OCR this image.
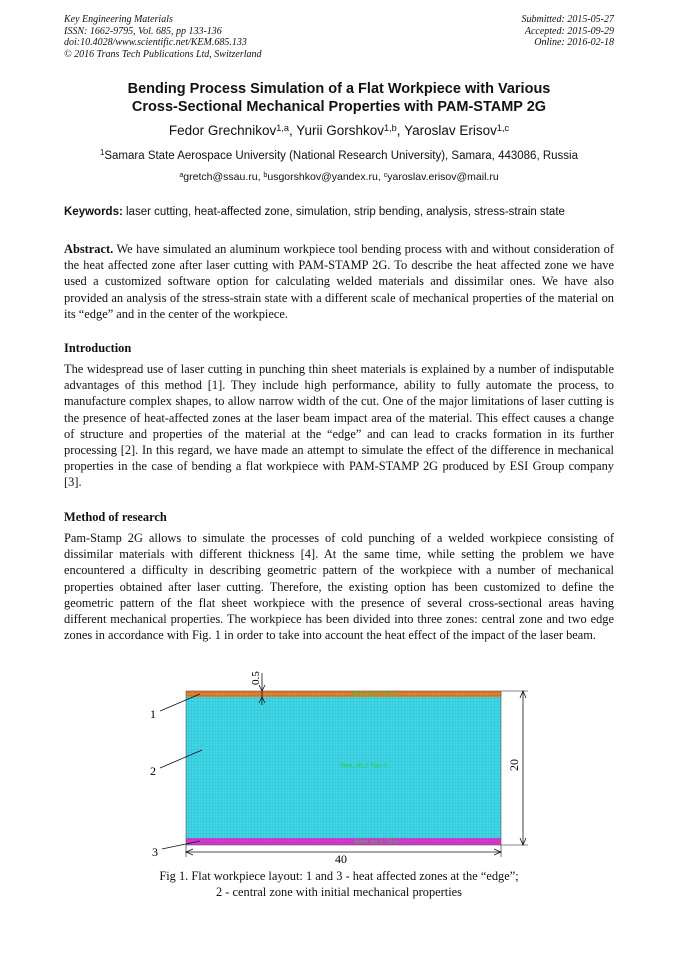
Key Engineering Materials
ISSN: 1662-9795, Vol. 685, pp 133-136
doi:10.4028/www.scientific.net/KEM.685.133
© 2016 Trans Tech Publications Ltd, Switzerland
Submitted: 2015-05-27
Accepted: 2015-09-29
Online: 2016-02-18
Bending Process Simulation of a Flat Workpiece with Various
Cross-Sectional Mechanical Properties with PAM-STAMP 2G
Fedor Grechnikov$^{1,a}$, Yurii Gorshkov$^{1,b}$, Yaroslav Erisov$^{1,c}$
$^1$Samara State Aerospace University (National Research University), Samara, 443086, Russia
$^a$gretch@ssau.ru, $^b$usgorshkov@yandex.ru, $^c$yaroslav.erisov@mail.ru
Keywords: laser cutting, heat-affected zone, simulation, strip bending, analysis, stress-strain state
Abstract. We have simulated an aluminum workpiece tool bending process with and without consideration of the heat affected zone after laser cutting with PAM-STAMP 2G. To describe the heat affected zone we have used a customized software option for calculating welded materials and dissimilar ones. We have also provided an analysis of the stress-strain state with a different scale of mechanical properties of the material on its “edge” and in the center of the workpiece.
Introduction
The widespread use of laser cutting in punching thin sheet materials is explained by a number of indisputable advantages of this method [1]. They include high performance, ability to fully automate the process, to manufacture complex shapes, to allow narrow width of the cut. One of the major limitations of laser cutting is the presence of heat-affected zones at the laser beam impact area of the material. This effect causes a change of structure and properties of the material at the “edge” and can lead to cracks formation in its further processing [2]. In this regard, we have made an attempt to simulate the effect of the difference in mechanical properties in the case of bending a flat workpiece with PAM-STAMP 2G produced by ESI Group company [3].
Method of research
Pam-Stamp 2G allows to simulate the processes of cold punching of a welded workpiece consisting of dissimilar materials with different thickness [4]. At the same time, while setting the problem we have encountered a difficulty in describing geometric pattern of the workpiece with a number of mechanical properties obtained after laser cutting. Therefore, the existing option has been customized to define the geometric pattern of the flat sheet workpiece with the presence of several cross-sectional areas having different mechanical properties. The workpiece has been divided into three zones: central zone and two edge zones in accordance with Fig. 1 in order to take into account the heat effect of the impact of the laser beam.
Blank_std_3, Thick 1
Blank_std_2, Thick 1
Blank_std_1, Thick 1
1
2
3
0.5
20
40
Fig 1. Flat workpiece layout: 1 and 3 - heat affected zones at the “edge”;
2 - central zone with initial mechanical properties
